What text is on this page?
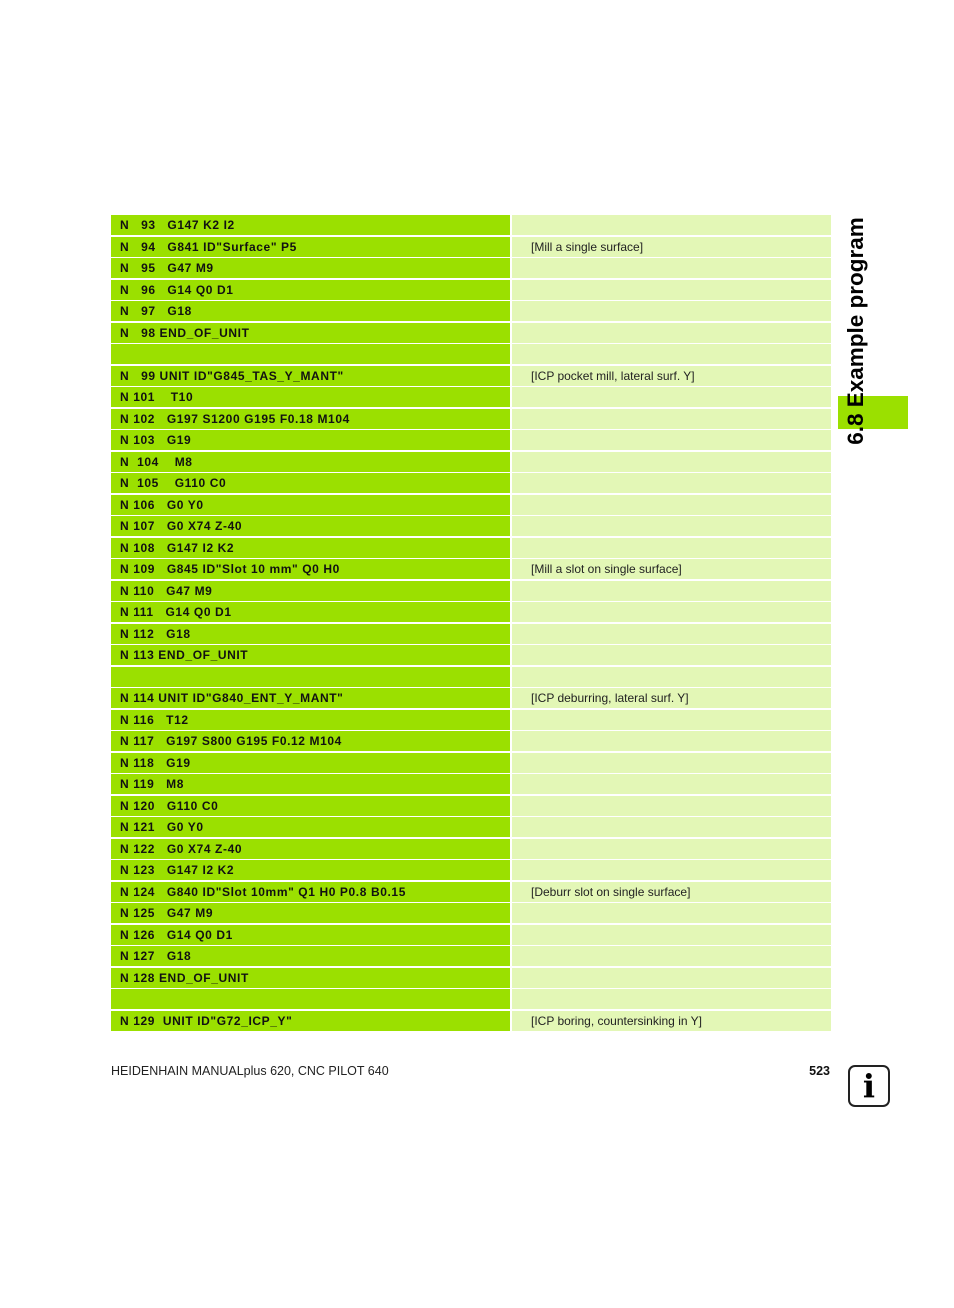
N   93   G147 K2 I2
N   94   G841 ID"Surface" P5	[Mill a single surface]
N   95   G47 M9
N   96   G14 Q0 D1
N   97   G18
N   98 END_OF_UNIT
N   99 UNIT ID"G845_TAS_Y_MANT"	[ICP pocket mill, lateral surf. Y]
N 101    T10
N 102   G197 S1200 G195 F0.18 M104
N 103   G19
N  104    M8
N  105    G110 C0
N 106   G0 Y0
N 107   G0 X74 Z-40
N 108   G147 I2 K2
N 109   G845 ID"Slot 10 mm" Q0 H0	[Mill a slot on single surface]
N 110   G47 M9
N 111   G14 Q0 D1
N 112   G18
N 113 END_OF_UNIT
N 114 UNIT ID"G840_ENT_Y_MANT"	[ICP deburring, lateral surf. Y]
N 116   T12
N 117   G197 S800 G195 F0.12 M104
N 118   G19
N 119   M8
N 120   G110 C0
N 121   G0 Y0
N 122   G0 X74 Z-40
N 123   G147 I2 K2
N 124   G840 ID"Slot 10mm" Q1 H0 P0.8 B0.15	[Deburr slot on single surface]
N 125   G47 M9
N 126   G14 Q0 D1
N 127   G18
N 128 END_OF_UNIT
N 129  UNIT ID"G72_ICP_Y"	[ICP boring, countersinking in Y]
6.8 Example program
HEIDENHAIN MANUALplus 620, CNC PILOT 640	523	i
